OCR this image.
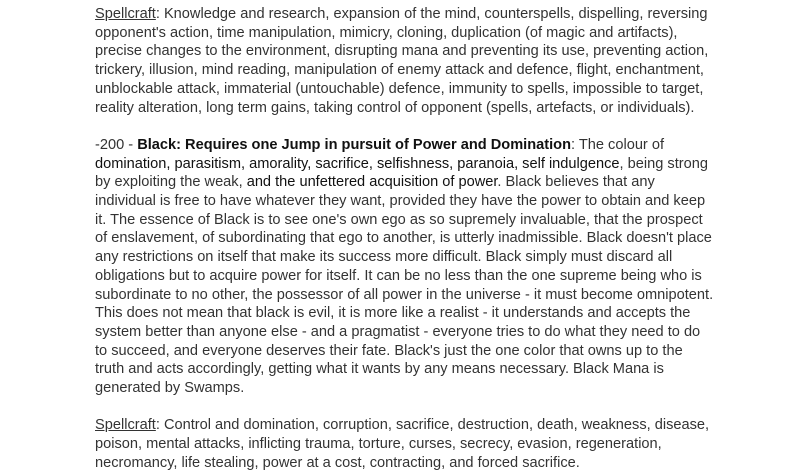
Spellcraft: Knowledge and research, expansion of the mind, counterspells, dispelling, reversing opponent's action, time manipulation, mimicry, cloning, duplication (of magic and artifacts), precise changes to the environment, disrupting mana and preventing its use, preventing action, trickery, illusion, mind reading, manipulation of enemy attack and defence, flight, enchantment, unblockable attack, immaterial (untouchable) defence, immunity to spells, impossible to target, reality alteration, long term gains, taking control of opponent (spells, artefacts, or individuals).

-200 - Black: Requires one Jump in pursuit of Power and Domination: The colour of domination, parasitism, amorality, sacrifice, selfishness, paranoia, self indulgence, being strong by exploiting the weak, and the unfettered acquisition of power. Black believes that any individual is free to have whatever they want, provided they have the power to obtain and keep it. The essence of Black is to see one's own ego as so supremely invaluable, that the prospect of enslavement, of subordinating that ego to another, is utterly inadmissible. Black doesn't place any restrictions on itself that make its success more difficult. Black simply must discard all obligations but to acquire power for itself. It can be no less than the one supreme being who is subordinate to no other, the possessor of all power in the universe - it must become omnipotent. This does not mean that black is evil, it is more like a realist - it understands and accepts the system better than anyone else - and a pragmatist - everyone tries to do what they need to do to succeed, and everyone deserves their fate. Black's just the one color that owns up to the truth and acts accordingly, getting what it wants by any means necessary. Black Mana is generated by Swamps.

Spellcraft: Control and domination, corruption, sacrifice, destruction, death, weakness, disease, poison, mental attacks, inflicting trauma, torture, curses, secrecy, evasion, regeneration, necromancy, life stealing, power at a cost, contracting, and forced sacrifice.
